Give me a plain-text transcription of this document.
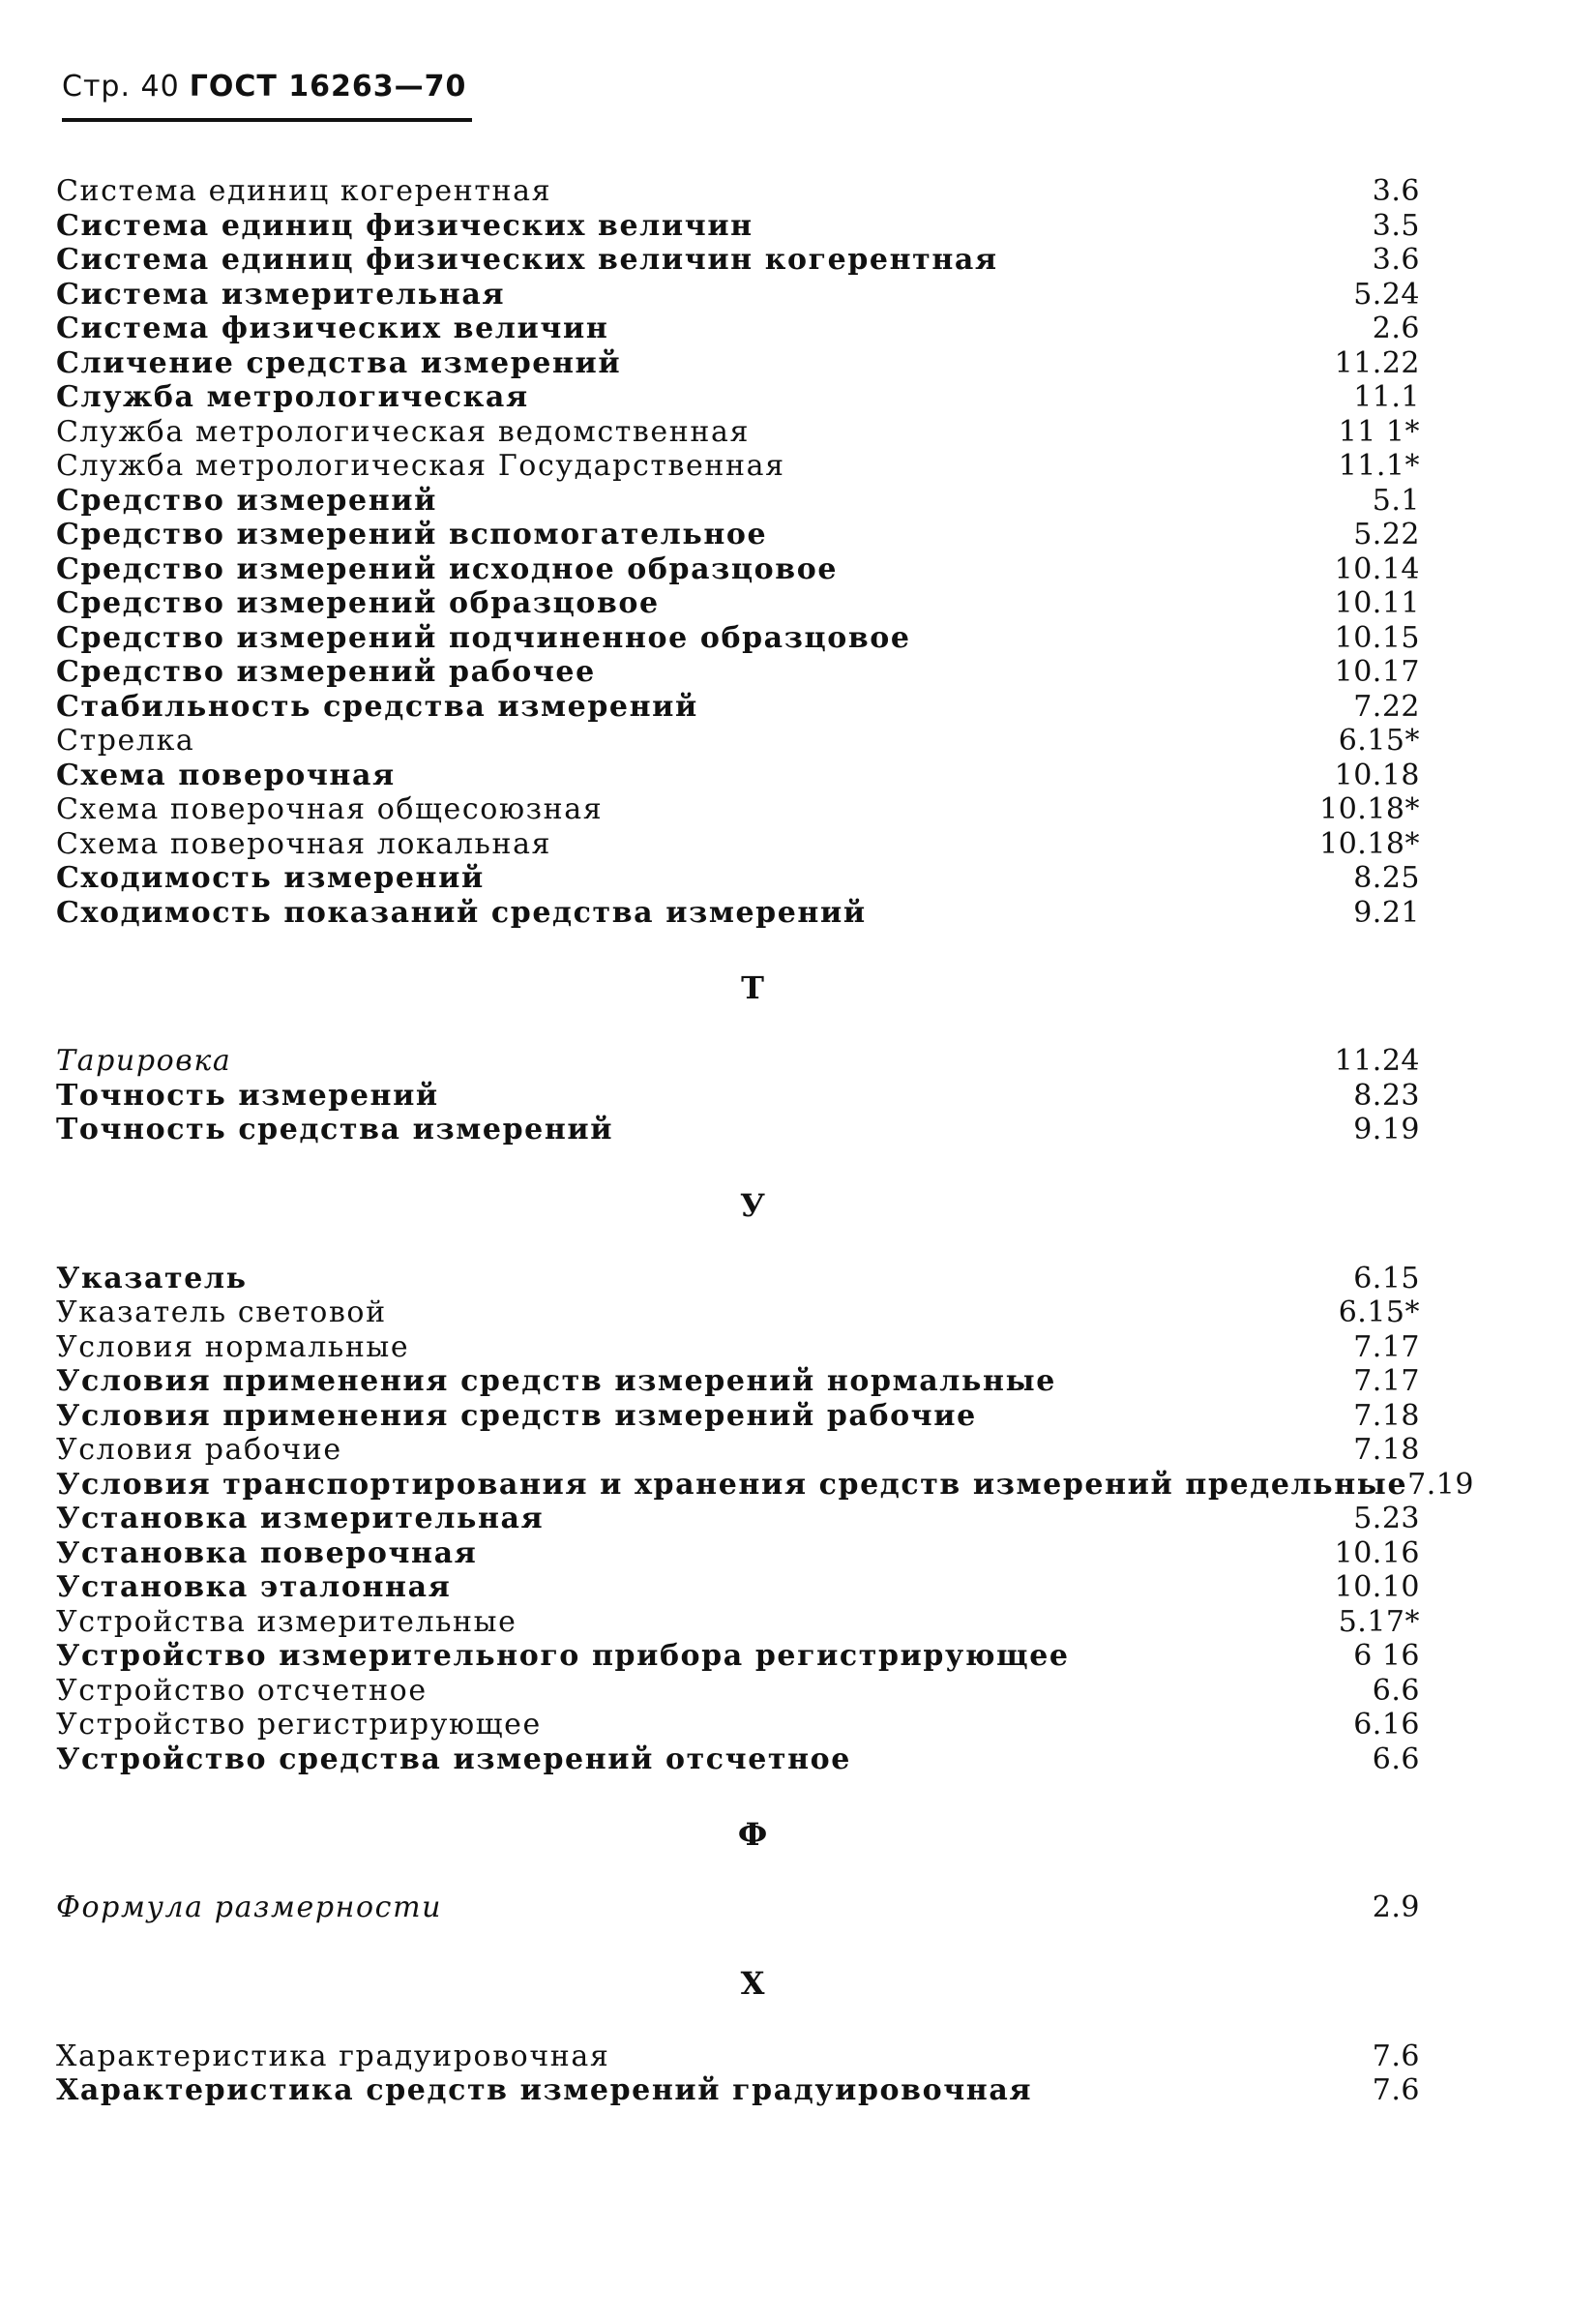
Стр. 40 ГОСТ 16263—70
Система единиц когерентная	3.6
Система единиц физических величин	3.5
Система единиц физических величин когерентная	3.6
Система измерительная	5.24
Система физических величин	2.6
Сличение средства измерений	11.22
Служба метрологическая	11.1
Служба метрологическая ведомственная	11 1*
Служба метрологическая Государственная	11.1*
Средство измерений	5.1
Средство измерений вспомогательное	5.22
Средство измерений исходное образцовое	10.14
Средство измерений образцовое	10.11
Средство измерений подчиненное образцовое	10.15
Средство измерений рабочее	10.17
Стабильность средства измерений	7.22
Стрелка	6.15*
Схема поверочная	10.18
Схема поверочная общесоюзная	10.18*
Схема поверочная локальная	10.18*
Сходимость измерений	8.25
Сходимость показаний средства измерений	9.21
Т
Тарировка	11.24
Точность измерений	8.23
Точность средства измерений	9.19
У
Указатель	6.15
Указатель световой	6.15*
Условия нормальные	7.17
Условия применения средств измерений нормальные	7.17
Условия применения средств измерений рабочие	7.18
Условия рабочие	7.18
Условия транспортирования и хранения средств измерений предельные 7.19
Установка измерительная	5.23
Установка поверочная	10.16
Установка эталонная	10.10
Устройства измерительные	5.17*
Устройство измерительного прибора регистрирующее	6 16
Устройство отсчетное	6.6
Устройство регистрирующее	6.16
Устройство средства измерений отсчетное	6.6
Ф
Формула размерности	2.9
Х
Характеристика градуировочная	7.6
Характеристика средств измерений градуировочная	7.6
